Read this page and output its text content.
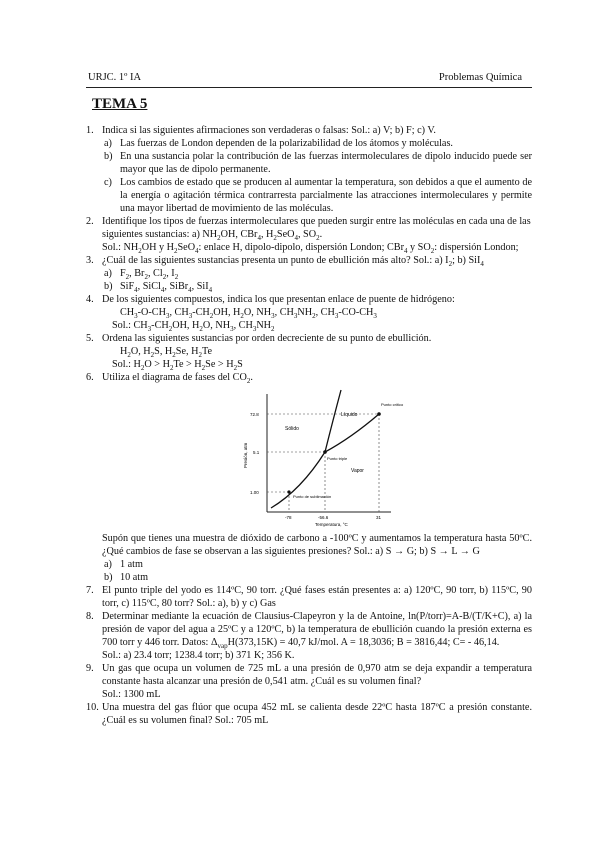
URJC. 1º IA	Problemas Química
TEMA 5
1. Indica si las siguientes afirmaciones son verdaderas o falsas: Sol.: a) V; b) F; c) V.
a) Las fuerzas de London dependen de la polarizabilidad de los átomos y moléculas.
b) En una sustancia polar la contribución de las fuerzas intermoleculares de dipolo inducido puede ser mayor que las de dipolo permanente.
c) Los cambios de estado que se producen al aumentar la temperatura, son debidos a que el aumento de la energía o agitación térmica contrarresta parcialmente las atracciones intermoleculares y permite una mayor libertad de movimiento de las moléculas.
2. Identifique los tipos de fuerzas intermoleculares que pueden surgir entre las moléculas en cada una de las siguientes sustancias: a) $NH_2OH$, CBr$_4$, $H_2SeO_4$, $SO_2$.
Sol.: $NH_2OH$ y $H_2SeO_4$: enlace H, dipolo-dipolo, dispersión London; CBr$_4$ y $SO_2$: dispersión London;
3. ¿Cuál de las siguientes sustancias presenta un punto de ebullición más alto? Sol.: a) $I_2$; b) SiI$_4$
a) $F_2$, $Br_2$, $Cl_2$, $I_2$
b) SiF$_4$, SiCl$_4$, SiBr$_4$, SiI$_4$
4. De los siguientes compuestos, indica los que presentan enlace de puente de hidrógeno:
$CH_3-O-CH_3$, $CH_3-CH_2OH$, $H_2O$, $NH_3$, $CH_3NH_2$, $CH_3-CO-CH_3$
Sol.: $CH_3-CH_2OH$, $H_2O$, $NH_3$, $CH_3NH_2$
5. Ordena las siguientes sustancias por orden decreciente de su punto de ebullición.
$H_2O$, $H_2S$, $H_2Se$, $H_2Te$
Sol.: $H_2O > H_2Te > H_2Se > H_2S$
6. Utiliza el diagrama de fases del $CO_2$.
Sólido
Líquido
Vapor
Punto crítico
Punto triple
Punto de sublimación
72.8
5.1
1.00
-78	-56.6	31
Temperatura, °C
Presión, atm
Supón que tienes una muestra de dióxido de carbono a -100ºC y aumentamos la temperatura hasta 50ºC. ¿Qué cambios de fase se observan a las siguientes presiones? Sol.: a) S → G; b) S → L → G
a) 1 atm
b) 10 atm
7. El punto triple del yodo es 114ºC, 90 torr. ¿Qué fases están presentes a: a) 120ºC, 90 torr, b) 115ºC, 90 torr, c) 115ºC, 80 torr? Sol.: a), b) y c) Gas
8. Determinar mediante la ecuación de Clausius-Clapeyron y la de Antoine, ln(P/torr)=A-B/(T/K+C), a) la presión de vapor del agua a 25ºC y a 120ºC, b) la temperatura de ebullición cuando la presión externa es 700 torr y 446 torr. Datos: $\Delta_{vap}H(373,15K) = 40,7$ kJ/mol. A = 18,3036; B = 3816,44; C= - 46,14.
Sol.: a) 23.4 torr; 1238.4 torr; b) 371 K; 356 K.
9. Un gas que ocupa un volumen de 725 mL a una presión de 0,970 atm se deja expandir a temperatura constante hasta alcanzar una presión de 0,541 atm. ¿Cuál es su volumen final?
Sol.: 1300 mL
10. Una muestra del gas flúor que ocupa 452 mL se calienta desde 22ºC hasta 187ºC a presión constante. ¿Cuál es su volumen final? Sol.: 705 mL
